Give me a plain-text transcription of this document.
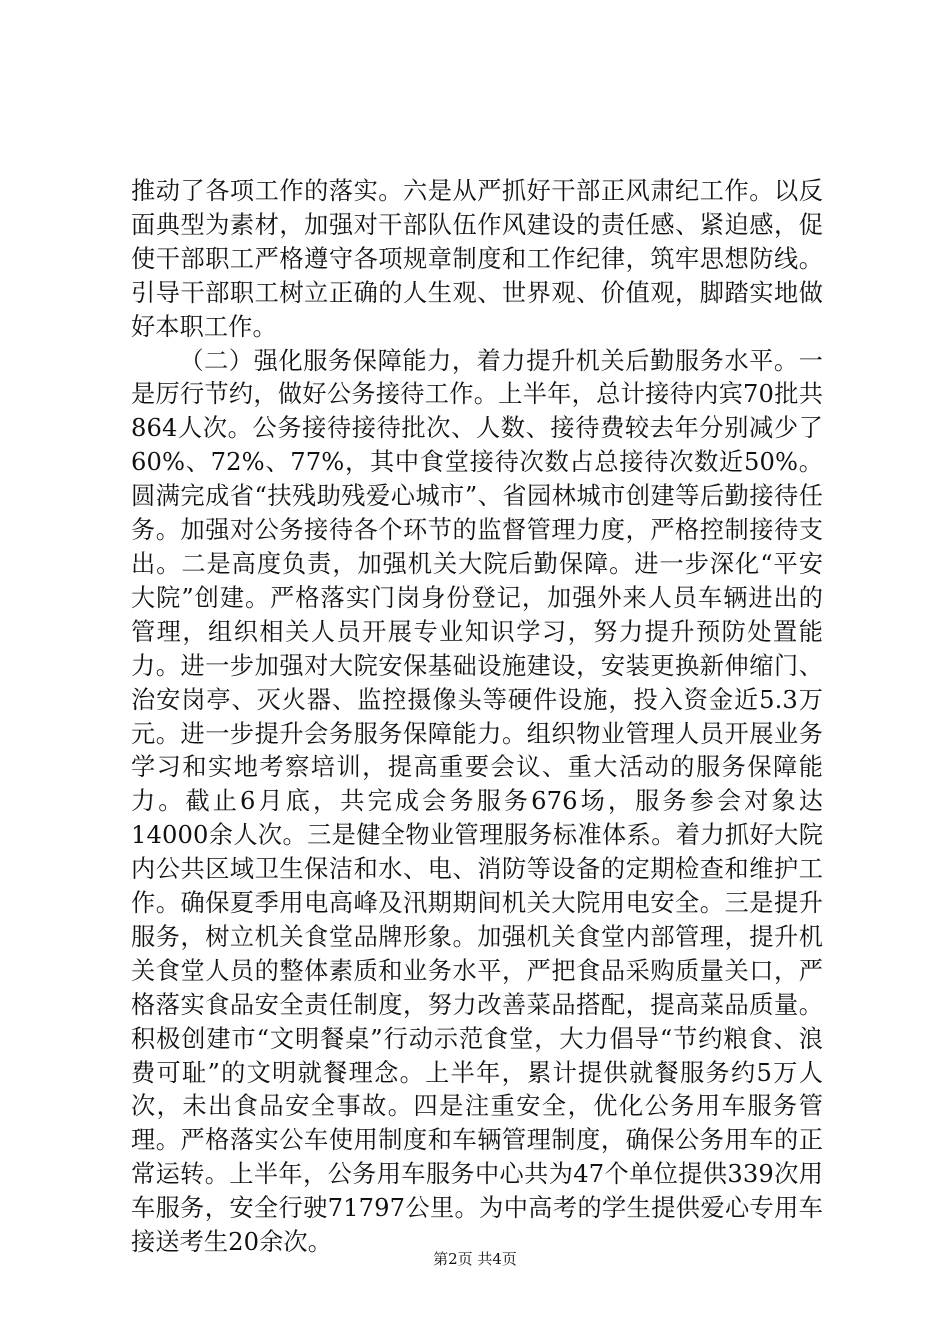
推动了各项工作的落实。六是从严抓好干部正风肃纪工作。以反面典型为素材，加强对干部队伍作风建设的责任感、紧迫感，促使干部职工严格遵守各项规章制度和工作纪律，筑牢思想防线。引导干部职工树立正确的人生观、世界观、价值观，脚踏实地做好本职工作。

（二）强化服务保障能力，着力提升机关后勤服务水平。一是厉行节约，做好公务接待工作。上半年，总计接待内宾70批共864人次。公务接待接待批次、人数、接待费较去年分别减少了60%、72%、77%，其中食堂接待次数占总接待次数近50%。圆满完成省“扶残助残爱心城市”、省园林城市创建等后勤接待任务。加强对公务接待各个环节的监督管理力度，严格控制接待支出。二是高度负责，加强机关大院后勤保障。进一步深化“平安大院”创建。严格落实门岗身份登记，加强外来人员车辆进出的管理，组织相关人员开展专业知识学习，努力提升预防处置能力。进一步加强对大院安保基础设施建设，安装更换新伸缩门、治安岗亭、灭火器、监控摄像头等硬件设施，投入资金近5.3万元。进一步提升会务服务保障能力。组织物业管理人员开展业务学习和实地考察培训，提高重要会议、重大活动的服务保障能力。截止6月底，共完成会务服务676场，服务参会对象达14000余人次。三是健全物业管理服务标准体系。着力抓好大院内公共区域卫生保洁和水、电、消防等设备的定期检查和维护工作。确保夏季用电高峰及汛期期间机关大院用电安全。三是提升服务，树立机关食堂品牌形象。加强机关食堂内部管理，提升机关食堂人员的整体素质和业务水平，严把食品采购质量关口，严格落实食品安全责任制度，努力改善菜品搭配，提高菜品质量。积极创建市“文明餐桌”行动示范食堂，大力倡导“节约粮食、浪费可耻”的文明就餐理念。上半年，累计提供就餐服务约5万人次，未出食品安全事故。四是注重安全，优化公务用车服务管理。严格落实公车使用制度和车辆管理制度，确保公务用车的正常运转。上半年，公务用车服务中心共为47个单位提供339次用车服务，安全行驶71797公里。为中高考的学生提供爱心专用车接送考生20余次。

第2页 共4页
